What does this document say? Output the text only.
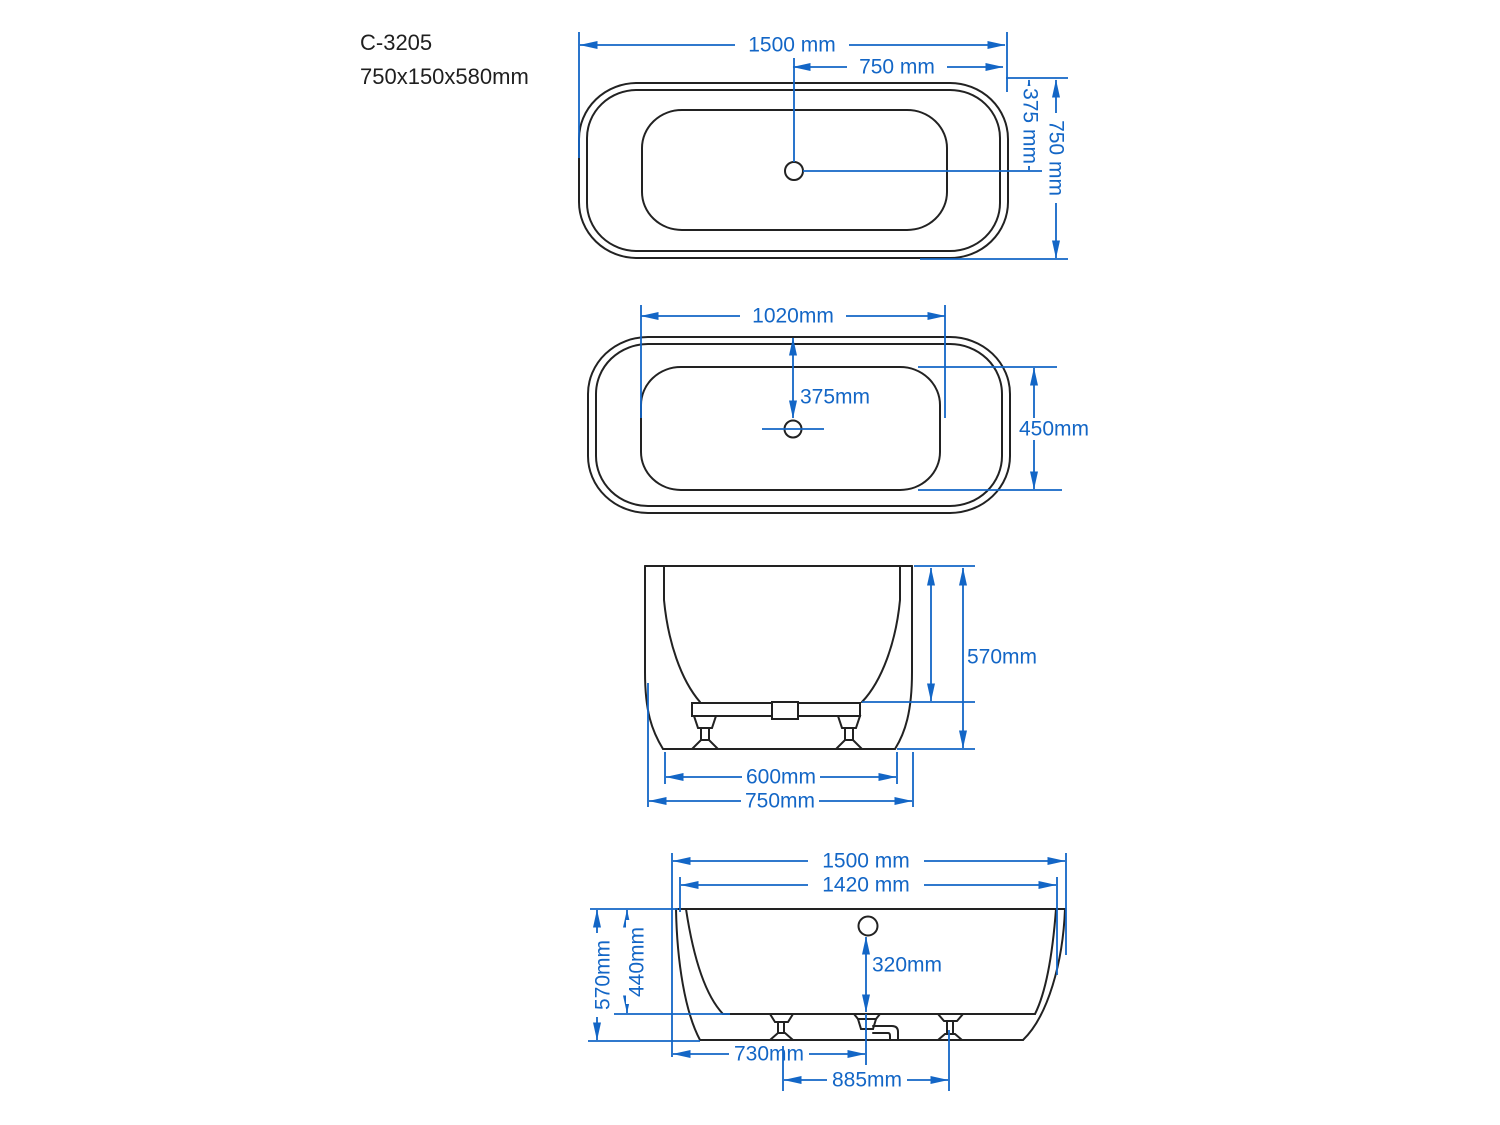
C-3205
750x150x580mm
1500 mm
750 mm
375 mm 750 mm
1020mm
375mm
450mm
570mm
600mm
750mm
1500 mm
1420 mm
570mm 440mm	320mm
730mm
885mm
